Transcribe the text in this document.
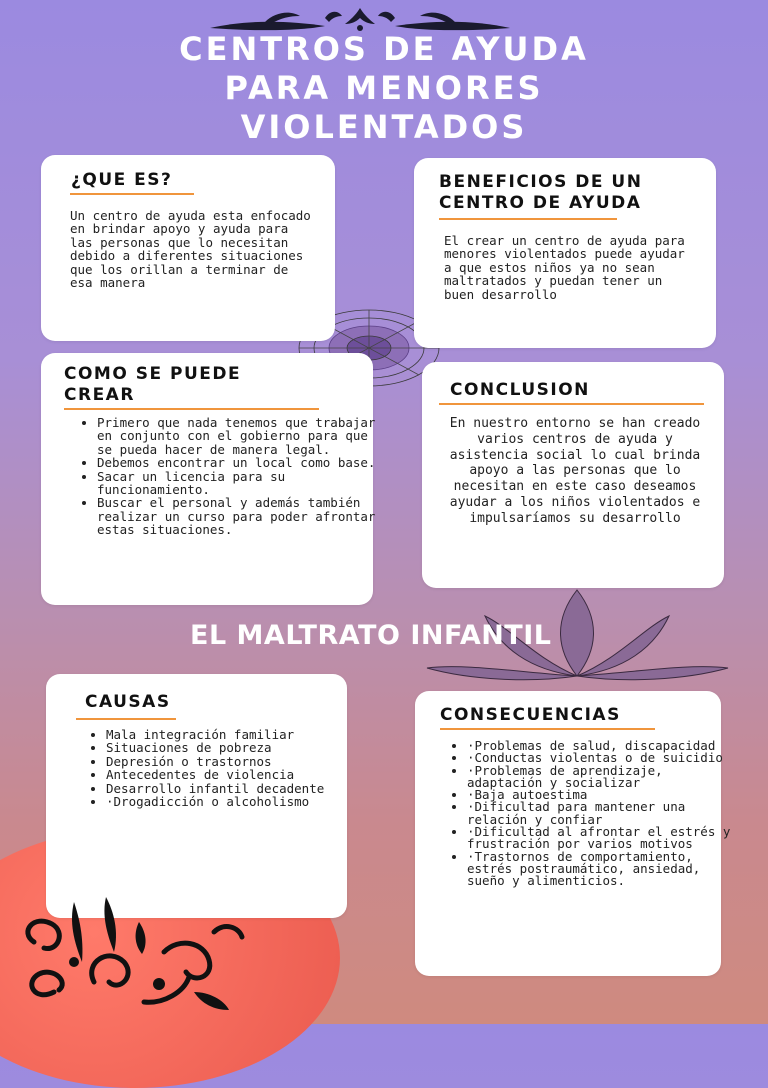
CENTROS DE AYUDA
PARA MENORES
VIOLENTADOS
¿QUE ES?
Un centro de ayuda esta enfocado en brindar apoyo y ayuda para las personas que lo necesitan debido a diferentes situaciones que los orillan a terminar de esa manera
BENEFICIOS DE UN
CENTRO DE AYUDA
El crear un centro de ayuda para menores violentados puede ayudar a que estos niños ya no sean maltratados y puedan tener un buen desarrollo
COMO SE PUEDE
CREAR
• Primero que nada tenemos que trabajar en conjunto con el gobierno para que se pueda hacer de manera legal.
• Debemos encontrar un local como base.
• Sacar un licencia para su funcionamiento.
• Buscar el personal y además también realizar un curso para poder afrontar estas situaciones.
CONCLUSION
En nuestro entorno se han creado varios centros de ayuda y asistencia social lo cual brinda apoyo a las personas que lo necesitan en este caso deseamos ayudar a los niños violentados e impulsaríamos su desarrollo
EL MALTRATO INFANTIL
CAUSAS
• Mala integración familiar
• Situaciones de pobreza
• Depresión o trastornos
• Antecedentes de violencia
• Desarrollo infantil decadente
• ·Drogadicción o alcoholismo
CONSECUENCIAS
• ·Problemas de salud, discapacidad
• ·Conductas violentas o de suicidio
• ·Problemas de aprendizaje, adaptación y socializar
• ·Baja autoestima
• ·Dificultad para mantener una relación y confiar
• ·Dificultad al afrontar el estrés y frustración por varios motivos
• ·Trastornos de comportamiento, estrés postraumático, ansiedad, sueño y alimenticios.
